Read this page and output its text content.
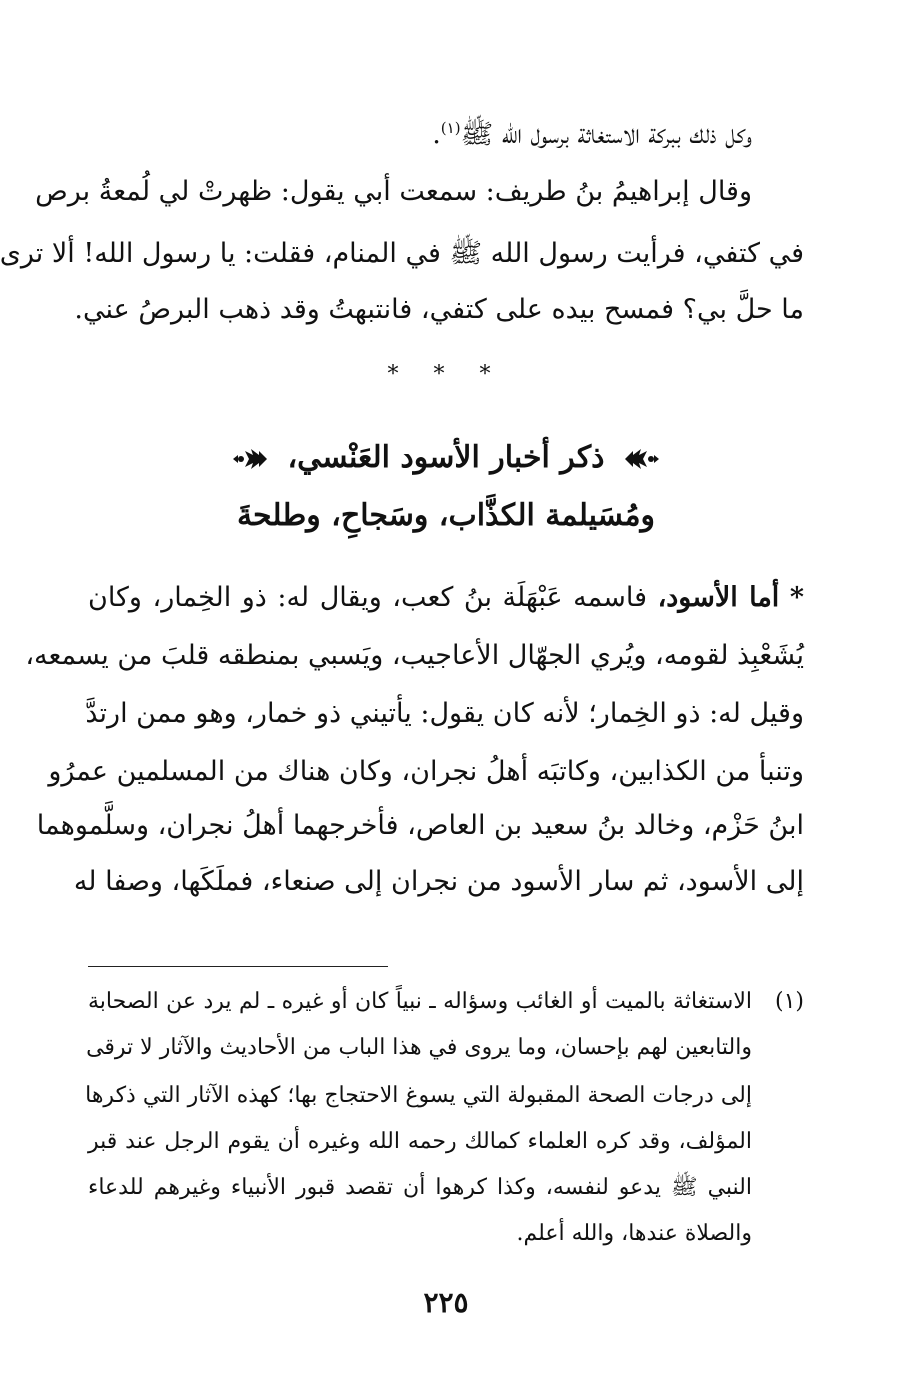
وكل ذلك ببركة الاستغاثة برسول الله ﷺ$^{(١)}$.
وقال إبراهيمُ بنُ طريف: سمعت أبي يقول: ظهرتْ لي لُمعةُ برص
في كتفي، فرأيت رسول الله ﷺ في المنام، فقلت: يا رسول الله! ألا ترى
ما حلَّ بي؟ فمسح بيده على كتفي، فانتبهتُ وقد ذهب البرصُ عني.
* * *
ذكر أخبار الأسود العَنْسي،
ومُسَيلمة الكذَّاب، وسَجاحِ، وطلحةَ
* أما الأسود، فاسمه عَبْهَلَة بنُ كعب، ويقال له: ذو الخِمار، وكان
يُشَعْبِذ لقومه، ويُري الجهّال الأعاجيب، ويَسبي بمنطقه قلبَ من يسمعه،
وقيل له: ذو الخِمار؛ لأنه كان يقول: يأتيني ذو خمار، وهو ممن ارتدَّ
وتنبأ من الكذابين، وكاتبَه أهلُ نجران، وكان هناك من المسلمين عمرُو
ابنُ حَزْم، وخالد بنُ سعيد بن العاص، فأخرجهما أهلُ نجران، وسلَّموهما
إلى الأسود، ثم سار الأسود من نجران إلى صنعاء، فملَكَها، وصفا له
(١)
الاستغاثة بالميت أو الغائب وسؤاله ـ نبياً كان أو غيره ـ لم يرد عن الصحابة
والتابعين لهم بإحسان، وما يروى في هذا الباب من الأحاديث والآثار لا ترقى
إلى درجات الصحة المقبولة التي يسوغ الاحتجاج بها؛ كهذه الآثار التي ذكرها
المؤلف، وقد كره العلماء كمالك رحمه الله وغيره أن يقوم الرجل عند قبر
النبي ﷺ يدعو لنفسه، وكذا كرهوا أن تقصد قبور الأنبياء وغيرهم للدعاء
والصلاة عندها، والله أعلم.
٢٢٥
